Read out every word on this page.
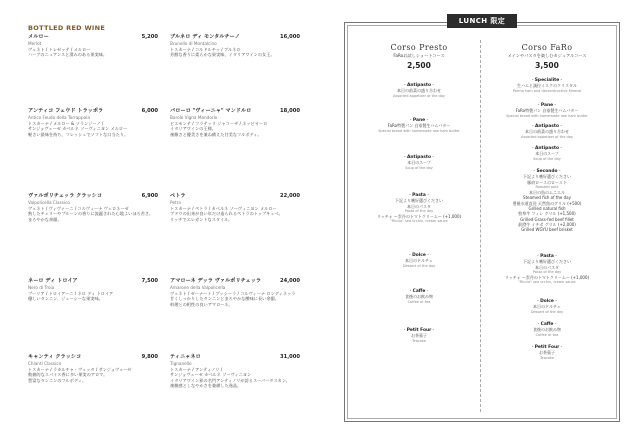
BOTTLED RED WINE
メルロー	5,200
Merlot
ヴェネト / トレゼッテ / メルロー
ハーブのニュアンスと滑みのある果実味。
アンティコ フェウド トラッポラ	6,000
Antico Feudo della Torrappola
トスカーナ / メルロー & ソランジーノ /
サンジョヴェーゼ カベルネ ソーヴィニヨン メルロー
軽さい最味を持ち、フレッシュでソフトな口当たり。
ヴァルポリチェッラ クラッシコ	6,900
Valpolicella Classico
ヴェネト / ヴィヴァーニ / コルヴィーナ ヴェロネーゼ
熟したチェリーやプルーンの香りに流麗された心地よいほろ苦さ。
まろやかな余韻。
ネーロ ディ トロイア	7,500
Nero di Troia
プーリア / トロイアーニ / ネロ ディ トロイア
優しいタンニン、ジューシーな果実味。
キャンティ クラッシコ	9,800
Chianti Classico
トスカーナ / ラカルチャ・ヴェッタ / サンジョヴェーゼ
数値的なスパイス香に多い果実のアロマ。
豊富なタンニンのフルボディ。
ブルネロ ディ モンタルチーノ	16,000
Brunello di Montalcino
トスカーナ / コルドルチッ / ブルネロ
芳醇な香りに柔らかな果実味、イタリアワインの女王。
バローロ "ヴィーニャ" マンドルロ	18,000
Barolo Vigna Mandorlo
ピエモンテ / フラテッリ ジャコーザ / ネッビオーロ
イタリアワインの王様。
複雑さと優美さを兼ね備えた甘美なフルボディ。
ペトラ	22,000
Petra
トスカーナ / ペトラ / カベルネ ソーヴィニヨン メルロー
ブドウの出来が良い年だけ造られるペトラのトップキュベ。
リッチでエレガントなスタイル。
アマローネ デッラ ヴァルポリチェッラ	24,000
Amarone della Valpolicella
ヴェネト / ゼーナート / ブッシーラ / コルヴィーナ ロンディネッラ
甘くしっかりしたタンニンとまろやかな酸味に長い余韻。
料理との相性の良いアマローネ。
ティニャネロ	31,000
Tignanello
トスカーナ / アンティノリ /
サンジョヴェーゼ カベルネ ソーヴィニヨン
イタリアワイン界の名門アンティノリが誇るスーパータスカン。
複雑感としなやかさを兼備した逸品。
LUNCH 限定
Corso Presto
FaRoお試しショートコース
2,500
Corso FaRo
メインやパスタを楽しむカジュアルコース
3,500
- Antipasto -
本日の前菜の盛り合わせ
Assorted appetizer of the day
- Pane -
FaRo特製パン 自家製生ハムバター
Special bread with homemade raw ham butter
- Antipasto -
本日のスープ
Soup of the day
- Pasta -
下記より嗜好選びください
本日のパスタ
Pasta of the day
リッチォ ～雲丹のトマトクリーム～ (+1,000)
"Riccio" sea urchin, cream sauce
- Dolce -
本日のドルチェ
Dessert of the day
- Caffe -
食後のお飲み物
Coffee or tea
- Petit Four -
お茶菓子
Teacake
- Specialite -
生ハムと滅拉ミスクのクリスタル
Parma ham and deconstructive Miracal
- Pane -
FaRo特製パン 自家製生ハムバター
Special bread with homemade raw ham butter
- Antipasto -
本日の前菜の盛り合わせ
Assorted appetizer of the day
- Antipasto -
本日のスープ
Soup of the day
- Secondo -
下記より嗜好選びください
豚肩ロースのロースト
Roasted pork
本日の魚のムニエル
Steamed fish of the day
豊後水道直送 天然魚のグリル (+500)
Grilled natural fish
牧草牛 フィレ グリル (+1,500)
Grilled Grass-fed beef fillet
最澄牛 イチボ グリル (+2,000)
Grilled WGYU beef brisket
- Pasta -
下記より嗜好選びください
本日のパスタ
Pasta of the day
リッチォ ～雲丹のトマトクリーム～ (+1,000)
"Riccio" sea urchin, cream sauce
- Dolce -
本日のドルチェ
Dessert of the day
- Caffe -
食後のお飲み物
Coffee or tea
- Petit Four -
お茶菓子
Teacake
